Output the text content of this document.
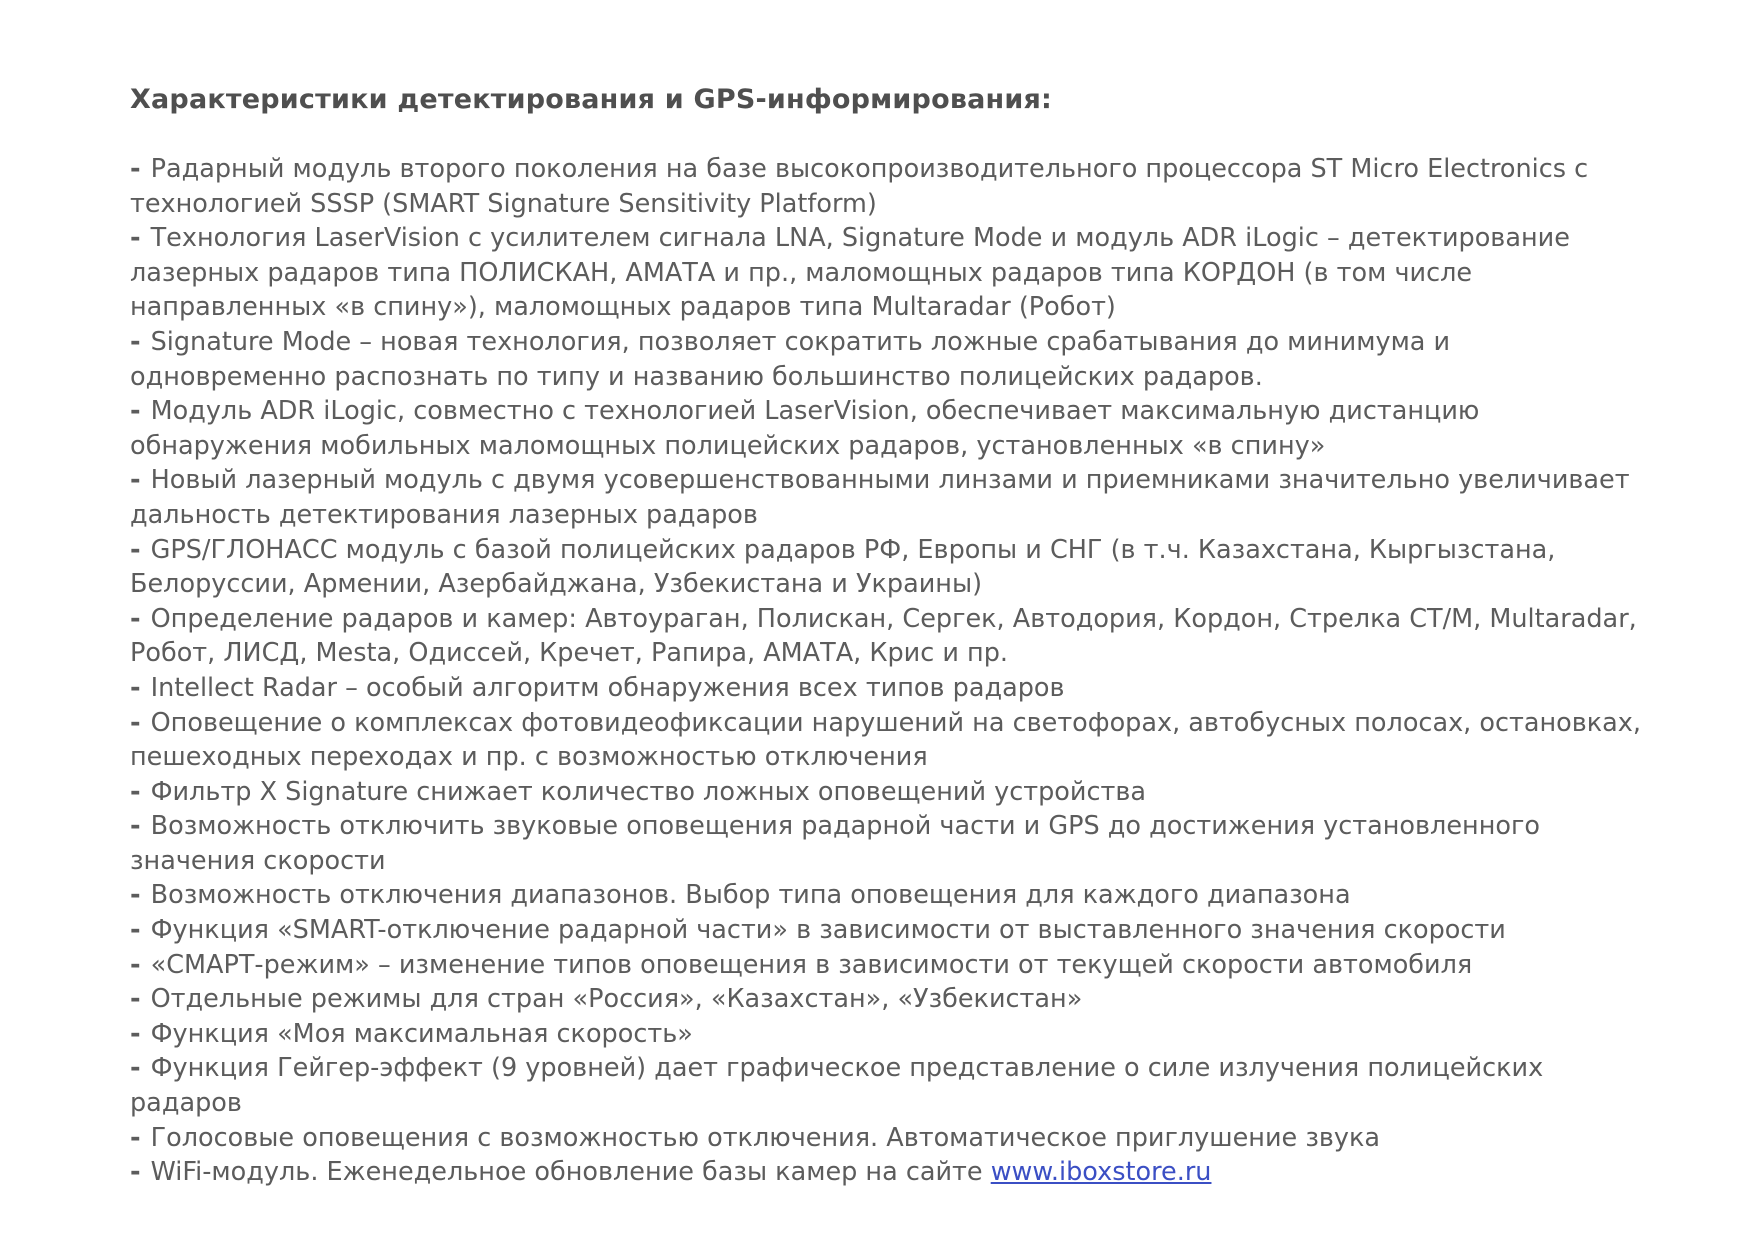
Характеристики детектирования и GPS-информирования:
- Радарный модуль второго поколения на базе высокопроизводительного процессора ST Micro Electronics с технологией SSSP (SMART Signature Sensitivity Platform)
- Технология LaserVision с усилителем сигнала LNA, Signature Mode и модуль ADR iLogic – детектирование лазерных радаров типа ПОЛИСКАН, АМАТА и пр., маломощных радаров типа КОРДОН (в том числе направленных «в спину»), маломощных радаров типа Multaradar (Робот)
- Signature Mode – новая технология, позволяет сократить ложные срабатывания до минимума и одновременно распознать по типу и названию большинство полицейских радаров.
- Модуль ADR iLogic, совместно с технологией LaserVision, обеспечивает максимальную дистанцию обнаружения мобильных маломощных полицейских радаров, установленных «в спину»
- Новый лазерный модуль с двумя усовершенствованными линзами и приемниками значительно увеличивает дальность детектирования лазерных радаров
- GPS/ГЛОНАСС модуль с базой полицейских радаров РФ, Европы и СНГ (в т.ч. Казахстана, Кыргызстана, Белоруссии, Армении, Азербайджана, Узбекистана и Украины)
- Определение радаров и камер: Автоураган, Полискан, Сергек, Автодория, Кордон, Стрелка СТ/М, Multaradar, Робот, ЛИСД, Mesta, Одиссей, Кречет, Рапира, АМАТА, Крис и пр.
- Intellect Radar – особый алгоритм обнаружения всех типов радаров
- Оповещение о комплексах фотовидеофиксации нарушений на светофорах, автобусных полосах, остановках, пешеходных переходах и пр. с возможностью отключения
- Фильтр X Signature снижает количество ложных оповещений устройства
- Возможность отключить звуковые оповещения радарной части и GPS до достижения установленного значения скорости
- Возможность отключения диапазонов. Выбор типа оповещения для каждого диапазона
- Функция «SMART-отключение радарной части» в зависимости от выставленного значения скорости
- «СМАРТ-режим» – изменение типов оповещения в зависимости от текущей скорости автомобиля
- Отдельные режимы для стран «Россия», «Казахстан», «Узбекистан»
- Функция «Моя максимальная скорость»
- Функция Гейгер-эффект (9 уровней) дает графическое представление о силе излучения полицейских радаров
- Голосовые оповещения с возможностью отключения. Автоматическое приглушение звука
- WiFi-модуль. Еженедельное обновление базы камер на сайте www.iboxstore.ru
